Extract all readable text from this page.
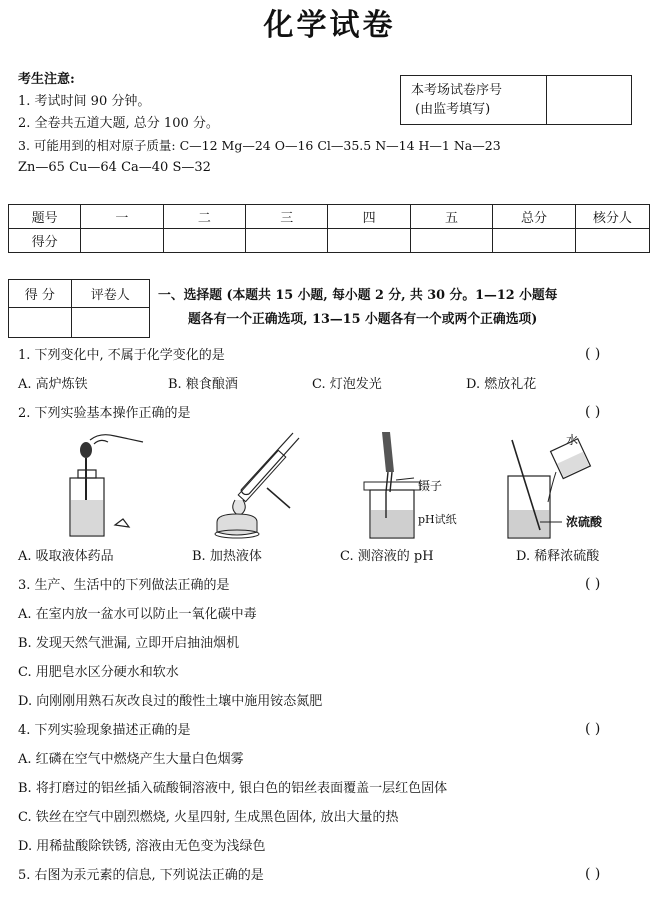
化学试卷
考生注意:
1. 考试时间 90 分钟。
2. 全卷共五道大题, 总分 100 分。
3. 可能用到的相对原子质量: C—12 Mg—24 O—16 Cl—35.5 N—14 H—1 Na—23
Zn—65 Cu—64 Ca—40 S—32
本考场试卷序号
(由监考填写)
题号	一	二	三	四	五	总分	核分人
得分							
得 分	评卷人
	一、选择题 (本题共 15 小题, 每小题 2 分, 共 30 分。1—12 小题每
题各有一个正确选项, 13—15 小题各有一个或两个正确选项)
1. 下列变化中, 不属于化学变化的是	( )
A. 高炉炼铁	B. 粮食酿酒	C. 灯泡发光	D. 燃放礼花
2. 下列实验基本操作正确的是	( )
镊子
pH试纸
水
浓硫酸
A. 吸取液体药品	B. 加热液体	C. 测溶液的 pH	D. 稀释浓硫酸
3. 生产、生活中的下列做法正确的是	( )
A. 在室内放一盆水可以防止一氧化碳中毒
B. 发现天然气泄漏, 立即开启抽油烟机
C. 用肥皂水区分硬水和软水
D. 向刚刚用熟石灰改良过的酸性土壤中施用铵态氮肥
4. 下列实验现象描述正确的是	( )
A. 红磷在空气中燃烧产生大量白色烟雾
B. 将打磨过的铝丝插入硫酸铜溶液中, 银白色的铝丝表面覆盖一层红色固体
C. 铁丝在空气中剧烈燃烧, 火星四射, 生成黑色固体, 放出大量的热
D. 用稀盐酸除铁锈, 溶液由无色变为浅绿色
5. 右图为汞元素的信息, 下列说法正确的是	( )
